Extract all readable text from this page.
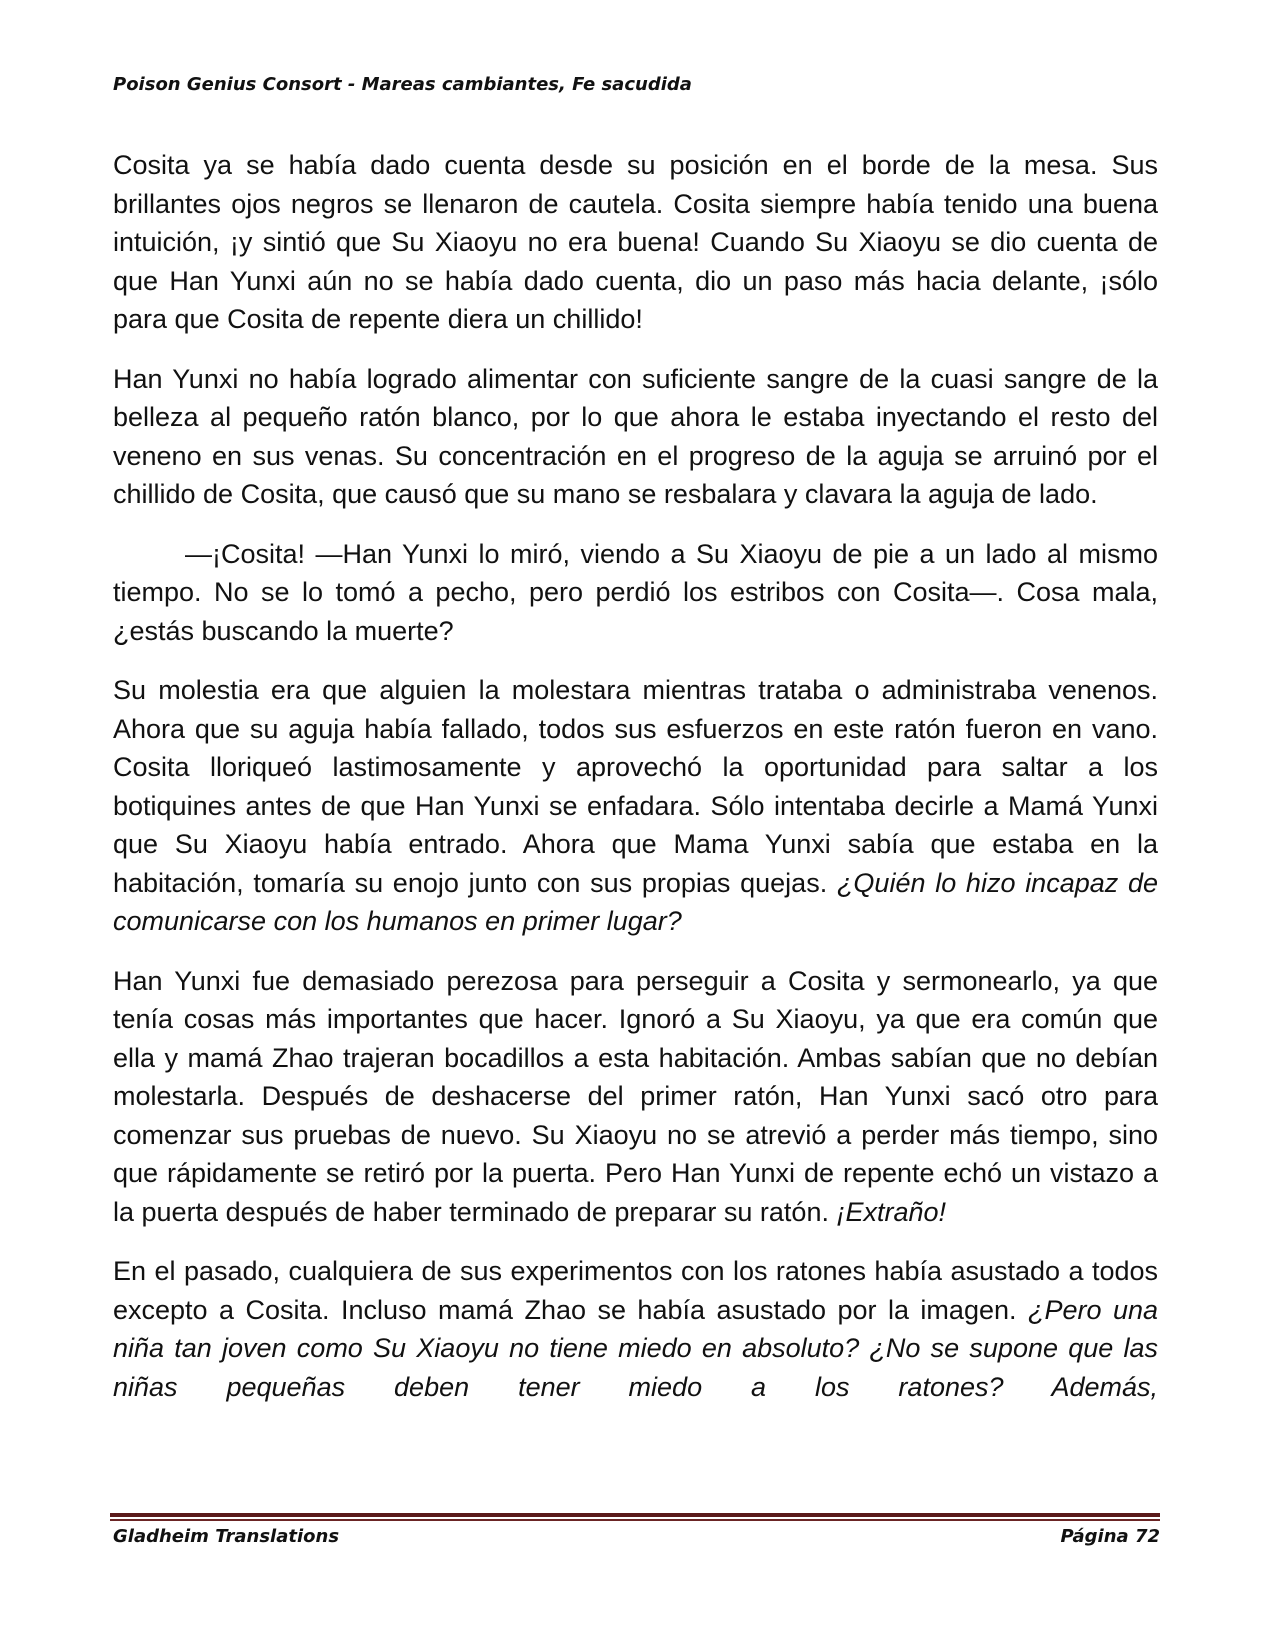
Poison Genius Consort - Mareas cambiantes, Fe sacudida

Cosita ya se había dado cuenta desde su posición en el borde de la mesa. Sus brillantes ojos negros se llenaron de cautela. Cosita siempre había tenido una buena intuición, ¡y sintió que Su Xiaoyu no era buena! Cuando Su Xiaoyu se dio cuenta de que Han Yunxi aún no se había dado cuenta, dio un paso más hacia delante, ¡sólo para que Cosita de repente diera un chillido!

Han Yunxi no había logrado alimentar con suficiente sangre de la cuasi sangre de la belleza al pequeño ratón blanco, por lo que ahora le estaba inyectando el resto del veneno en sus venas. Su concentración en el progreso de la aguja se arruinó por el chillido de Cosita, que causó que su mano se resbalara y clavara la aguja de lado.

—¡Cosita! —Han Yunxi lo miró, viendo a Su Xiaoyu de pie a un lado al mismo tiempo. No se lo tomó a pecho, pero perdió los estribos con Cosita—. Cosa mala, ¿estás buscando la muerte?

Su molestia era que alguien la molestara mientras trataba o administraba venenos. Ahora que su aguja había fallado, todos sus esfuerzos en este ratón fueron en vano. Cosita lloriqueó lastimosamente y aprovechó la oportunidad para saltar a los botiquines antes de que Han Yunxi se enfadara. Sólo intentaba decirle a Mamá Yunxi que Su Xiaoyu había entrado. Ahora que Mama Yunxi sabía que estaba en la habitación, tomaría su enojo junto con sus propias quejas. ¿Quién lo hizo incapaz de comunicarse con los humanos en primer lugar?

Han Yunxi fue demasiado perezosa para perseguir a Cosita y sermonearlo, ya que tenía cosas más importantes que hacer. Ignoró a Su Xiaoyu, ya que era común que ella y mamá Zhao trajeran bocadillos a esta habitación. Ambas sabían que no debían molestarla. Después de deshacerse del primer ratón, Han Yunxi sacó otro para comenzar sus pruebas de nuevo. Su Xiaoyu no se atrevió a perder más tiempo, sino que rápidamente se retiró por la puerta. Pero Han Yunxi de repente echó un vistazo a la puerta después de haber terminado de preparar su ratón. ¡Extraño!

En el pasado, cualquiera de sus experimentos con los ratones había asustado a todos excepto a Cosita. Incluso mamá Zhao se había asustado por la imagen. ¿Pero una niña tan joven como Su Xiaoyu no tiene miedo en absoluto? ¿No se supone que las niñas pequeñas deben tener miedo a los ratones? Además,

Gladheim Translations	Página 72
